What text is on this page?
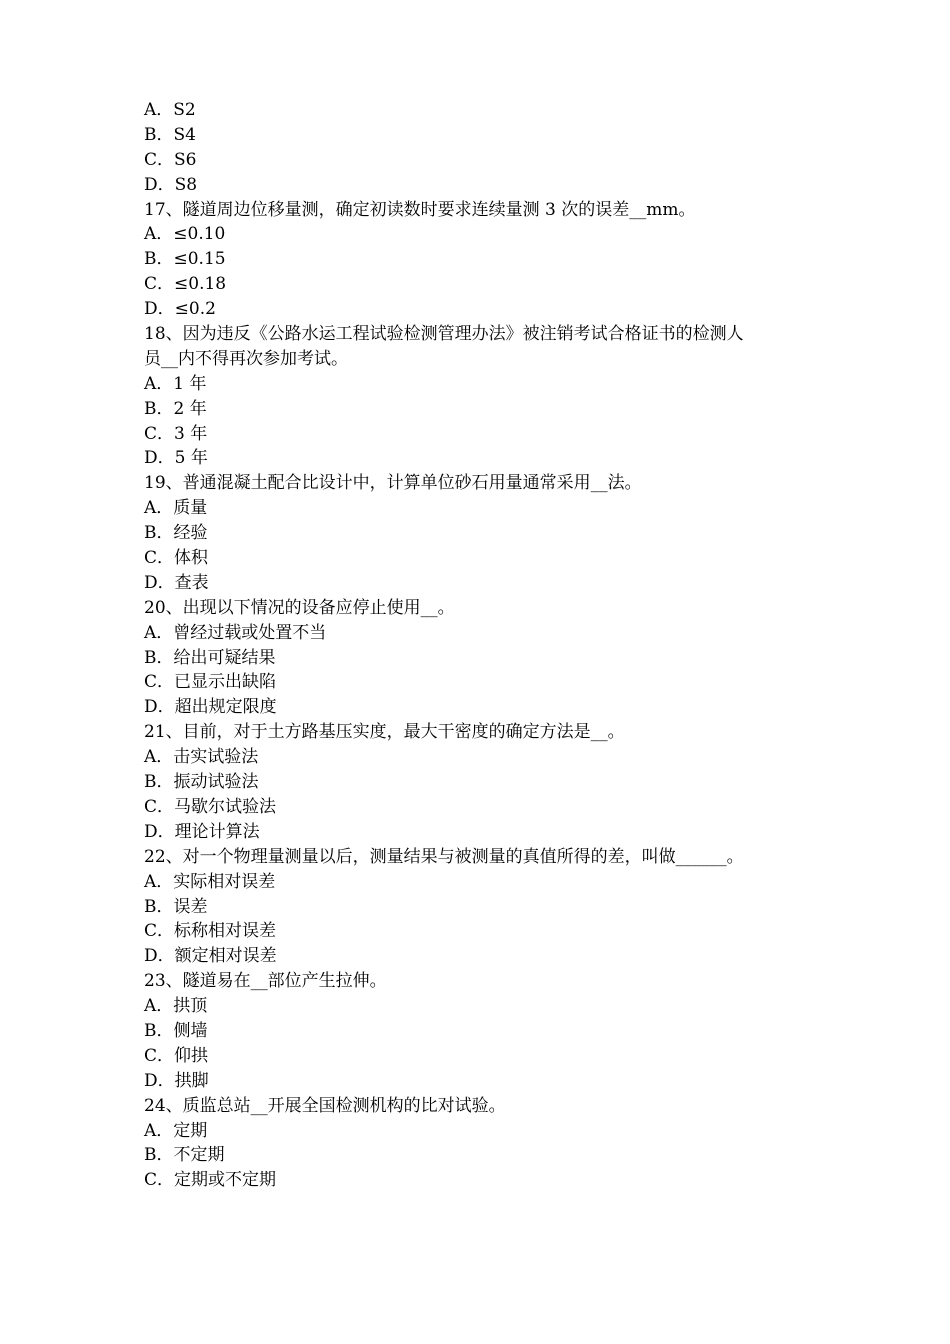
A．S2
B．S4
C．S6
D．S8
17、隧道周边位移量测，确定初读数时要求连续量测 3 次的误差__mm。
A．≤0.10
B．≤0.15
C．≤0.18
D．≤0.2
18、因为违反《公路水运工程试验检测管理办法》被注销考试合格证书的检测人
员__内不得再次参加考试。
A．1 年
B．2 年
C．3 年
D．5 年
19、普通混凝土配合比设计中，计算单位砂石用量通常采用__法。
A．质量
B．经验
C．体积
D．查表
20、出现以下情况的设备应停止使用__。
A．曾经过载或处置不当
B．给出可疑结果
C．已显示出缺陷
D．超出规定限度
21、目前，对于土方路基压实度，最大干密度的确定方法是__。
A．击实试验法
B．振动试验法
C．马歇尔试验法
D．理论计算法
22、对一个物理量测量以后，测量结果与被测量的真值所得的差，叫做______。
A．实际相对误差
B．误差
C．标称相对误差
D．额定相对误差
23、隧道易在__部位产生拉伸。
A．拱顶
B．侧墙
C．仰拱
D．拱脚
24、质监总站__开展全国检测机构的比对试验。
A．定期
B．不定期
C．定期或不定期
